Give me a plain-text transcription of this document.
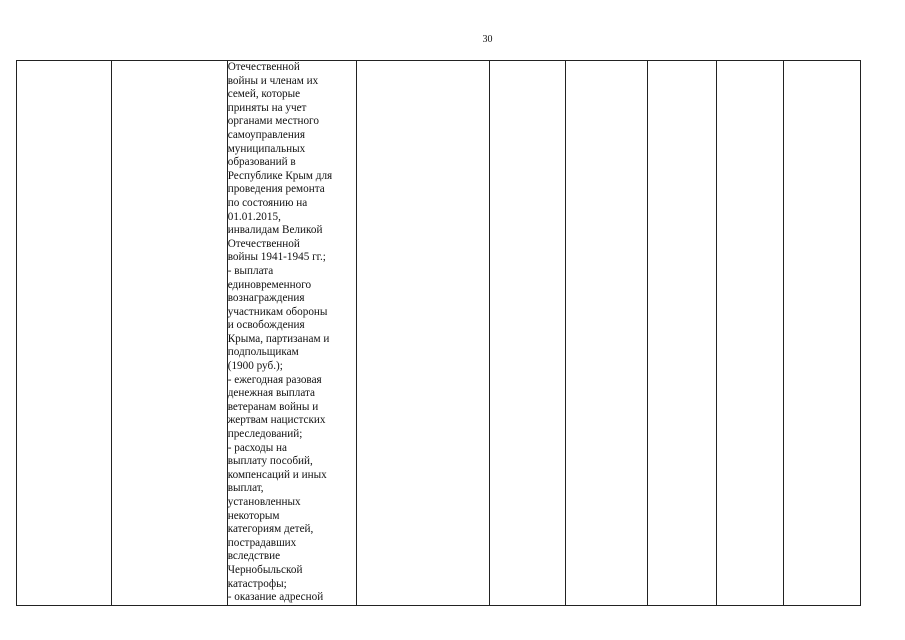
30

Отечественной
войны и членам их
семей, которые
приняты на учет
органами местного
самоуправления
муниципальных
образований в
Республике Крым для
проведения ремонта
по состоянию на
01.01.2015,
инвалидам Великой
Отечественной
войны 1941-1945 гг.;
- выплата
единовременного
вознаграждения
участникам обороны
и освобождения
Крыма, партизанам и
подпольщикам
(1900 руб.);
- ежегодная разовая
денежная выплата
ветеранам войны и
жертвам нацистских
преследований;
- расходы на
выплату пособий,
компенсаций и иных
выплат,
установленных
некоторым
категориям детей,
пострадавших
вследствие
Чернобыльской
катастрофы;
- оказание адресной
